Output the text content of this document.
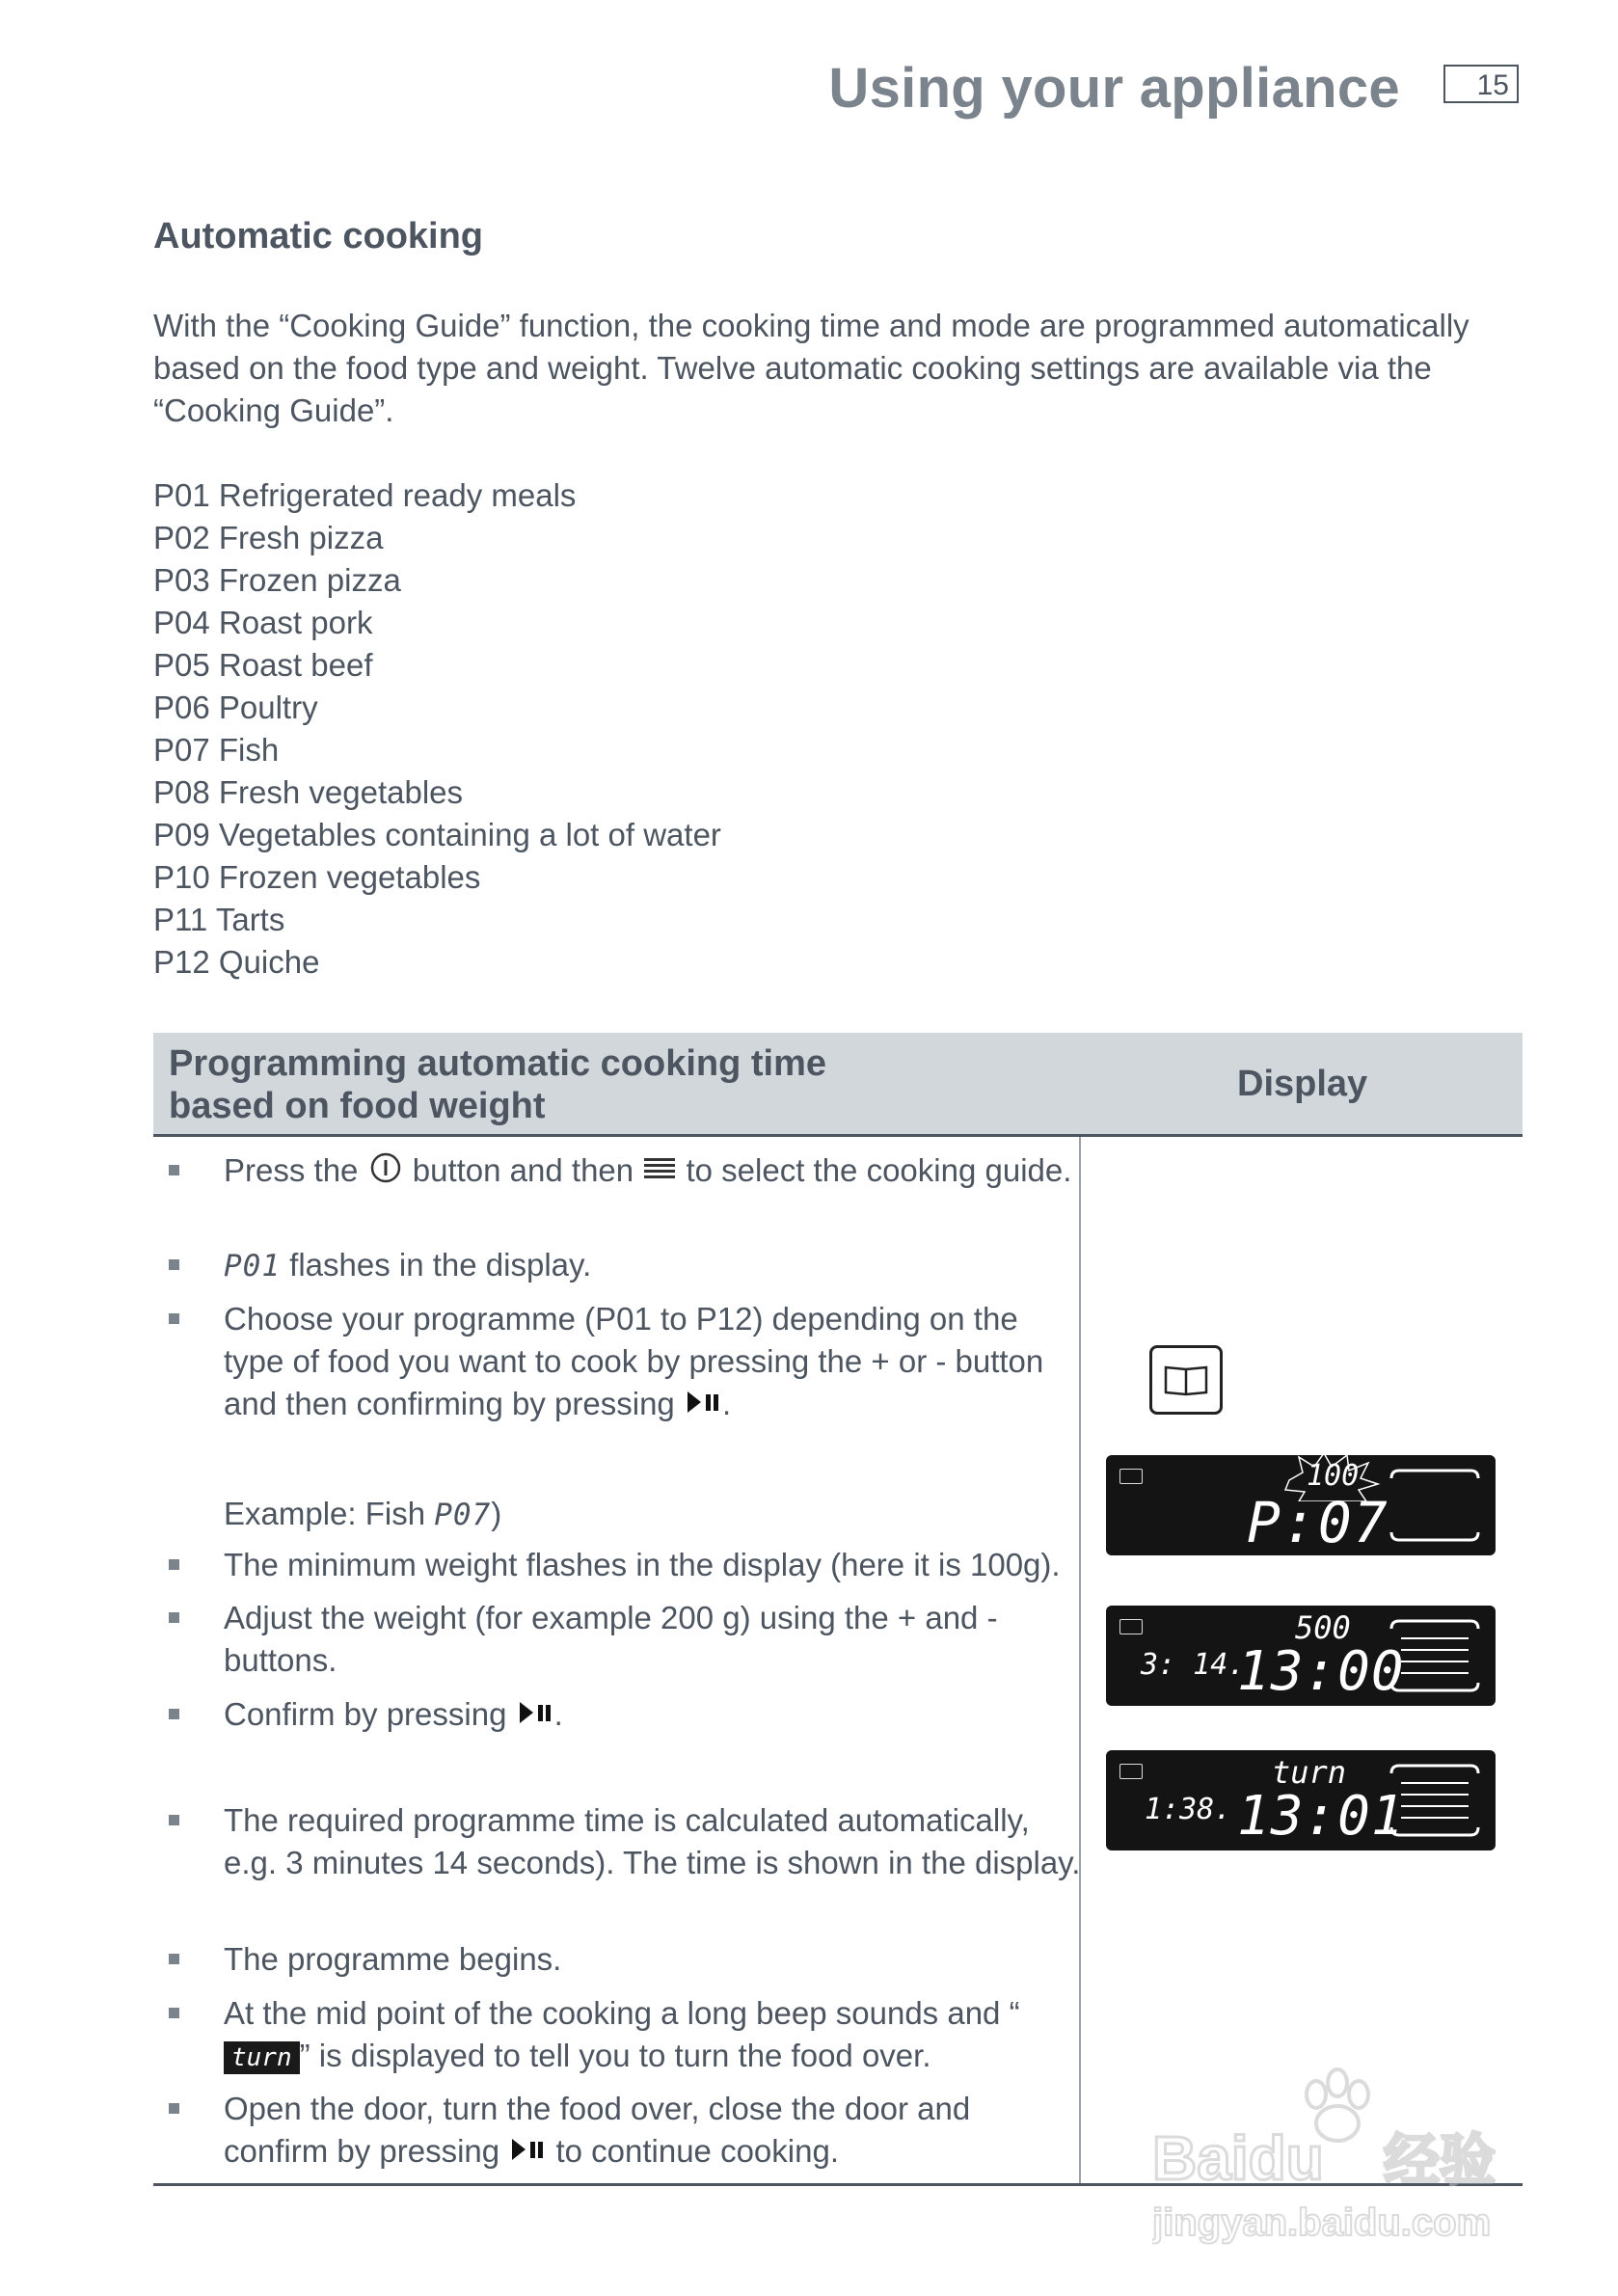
Using your appliance	15
Automatic cooking
With the “Cooking Guide” function, the cooking time and mode are programmed automatically based on the food type and weight. Twelve automatic cooking settings are available via the “Cooking Guide”.
P01 Refrigerated ready meals
P02 Fresh pizza
P03 Frozen pizza
P04 Roast pork
P05 Roast beef
P06 Poultry
P07 Fish
P08 Fresh vegetables
P09 Vegetables containing a lot of water
P10 Frozen vegetables
P11 Tarts
P12 Quiche
Programming automatic cooking time
based on food weight
Display
Press the button and then to select the cooking guide.
P01 flashes in the display.
Choose your programme (P01 to P12) depending on the type of food you want to cook by pressing the + or - button and then confirming by pressing .
Example: Fish P07)
The minimum weight flashes in the display (here it is 100g).
Adjust the weight (for example 200 g) using the + and - buttons.
Confirm by pressing .
The required programme time is calculated automatically, e.g. 3 minutes 14 seconds). The time is shown in the display.
The programme begins.
At the mid point of the cooking a long beep sounds and “ turn ” is displayed to tell you to turn the food over.
Open the door, turn the food over, close the door and confirm by pressing to continue cooking.
100
P:07
500
3: 14.
13:00
turn
1:38. 13:01
Baidu 经验
jingyan.baidu.com
